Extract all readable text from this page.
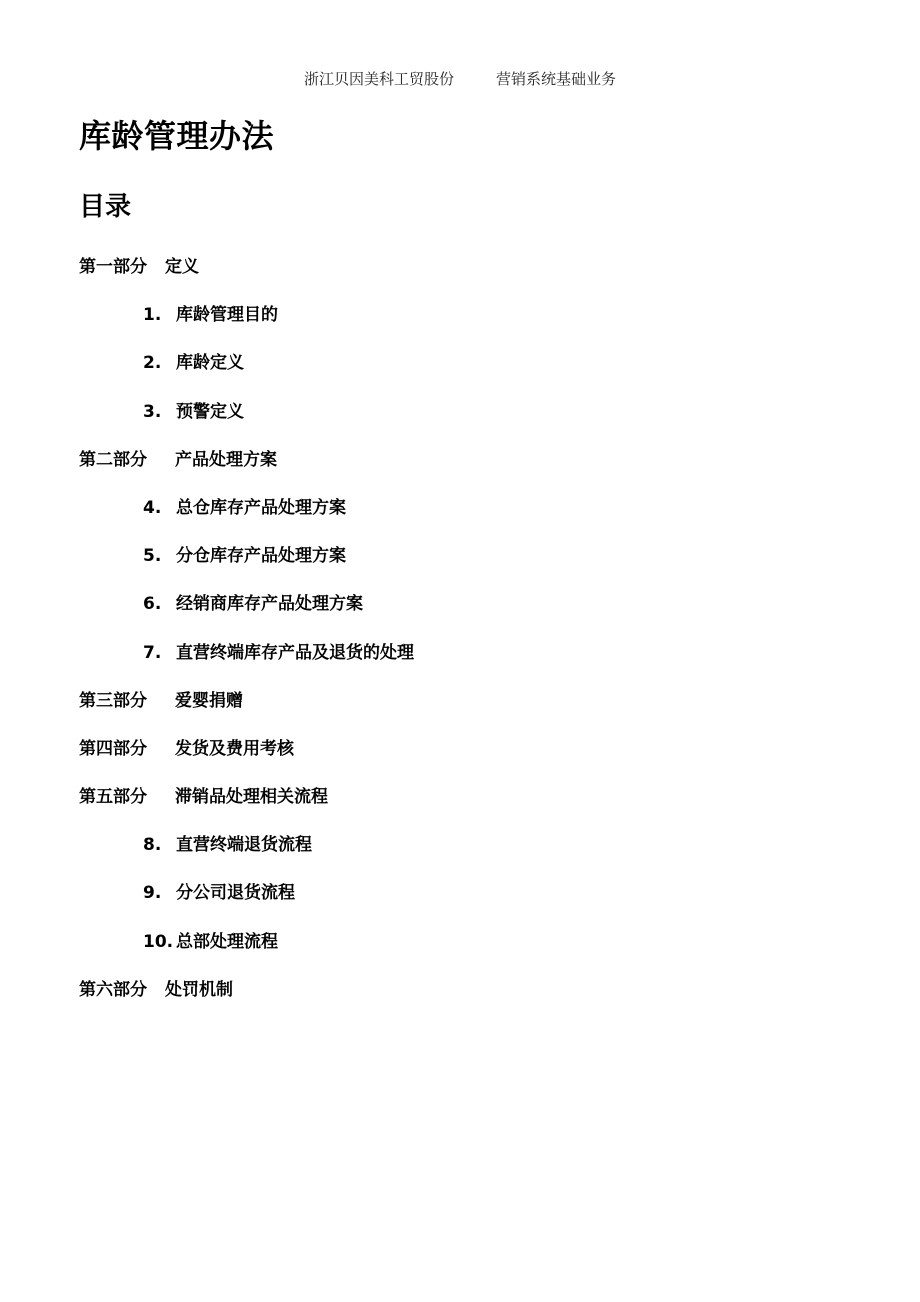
浙江贝因美科工贸股份	营销系统基础业务
库龄管理办法
目录
第一部分 定义
1. 库龄管理目的
2. 库龄定义
3. 预警定义
第二部分 产品处理方案
4. 总仓库存产品处理方案
5. 分仓库存产品处理方案
6. 经销商库存产品处理方案
7. 直营终端库存产品及退货的处理
第三部分 爱婴捐赠
第四部分 发货及费用考核
第五部分 滞销品处理相关流程
8. 直营终端退货流程
9. 分公司退货流程
10. 总部处理流程
第六部分 处罚机制
